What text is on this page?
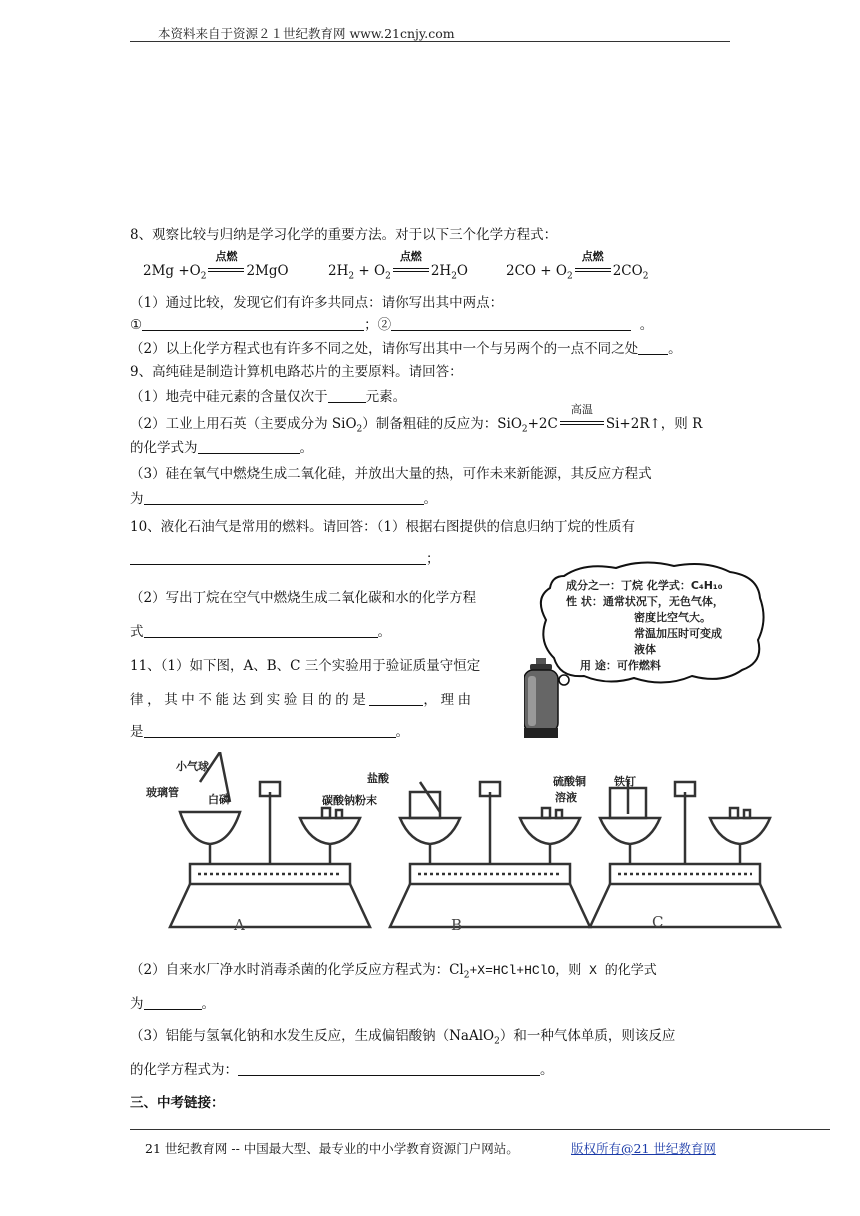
本资料来自于资源２１世纪教育网 www.21cnjy.com
8、观察比较与归纳是学习化学的重要方法。对于以下三个化学方程式：
$2Mg +O_2$
点燃
2MgO	$2H_2 + O_2$
点燃
$2H_2O$	$2CO + O_2$
点燃
$2CO_2$
（1）通过比较，发现它们有许多共同点：请你写出其中两点：
①	；②	。
（2）以上化学方程式也有许多不同之处，请你写出其中一个与另两个的一点不同之处 。
9、高纯硅是制造计算机电路芯片的主要原料。请回答：
（1）地壳中硅元素的含量仅次于	元素。
（2）工业上用石英（主要成分为 SiO$_2$）制备粗硅的反应为：SiO$_2$+2C
高温
Si+2R↑，则 R
的化学式为	。
（3）硅在氧气中燃烧生成二氧化硅，并放出大量的热，可作未来新能源，其反应方程式
为	。
10、液化石油气是常用的燃料。请回答：（1）根据右图提供的信息归纳丁烷的性质有
；
（2）写出丁烷在空气中燃烧生成二氧化碳和水的化学方程
式	。
成分之一：丁烷 化学式：C₄H₁₀
性 状：通常状况下，无色气体，
密度比空气大。
常温加压时可变成
液体
用 途：可作燃料
11、（1）如下图，A、B、C 三个实验用于验证质量守恒定
律，其中不能达到实验目的的是	，理由
是	。
小气球
玻璃管
白磷
盐酸
碳酸钠粉末
硫酸铜
溶液
铁钉
A	B	C
（2）自来水厂净水时消毒杀菌的化学反应方程式为：$Cl_2+X=HCl+HClO$，则 X 的化学式
为	。
（3）铝能与氢氧化钠和水发生反应，生成偏铝酸钠（NaAlO$_2$）和一种气体单质，则该反应
的化学方程式为：	。
三、中考链接：
21 世纪教育网 -- 中国最大型、最专业的中小学教育资源门户网站。	版权所有@21 世纪教育网
